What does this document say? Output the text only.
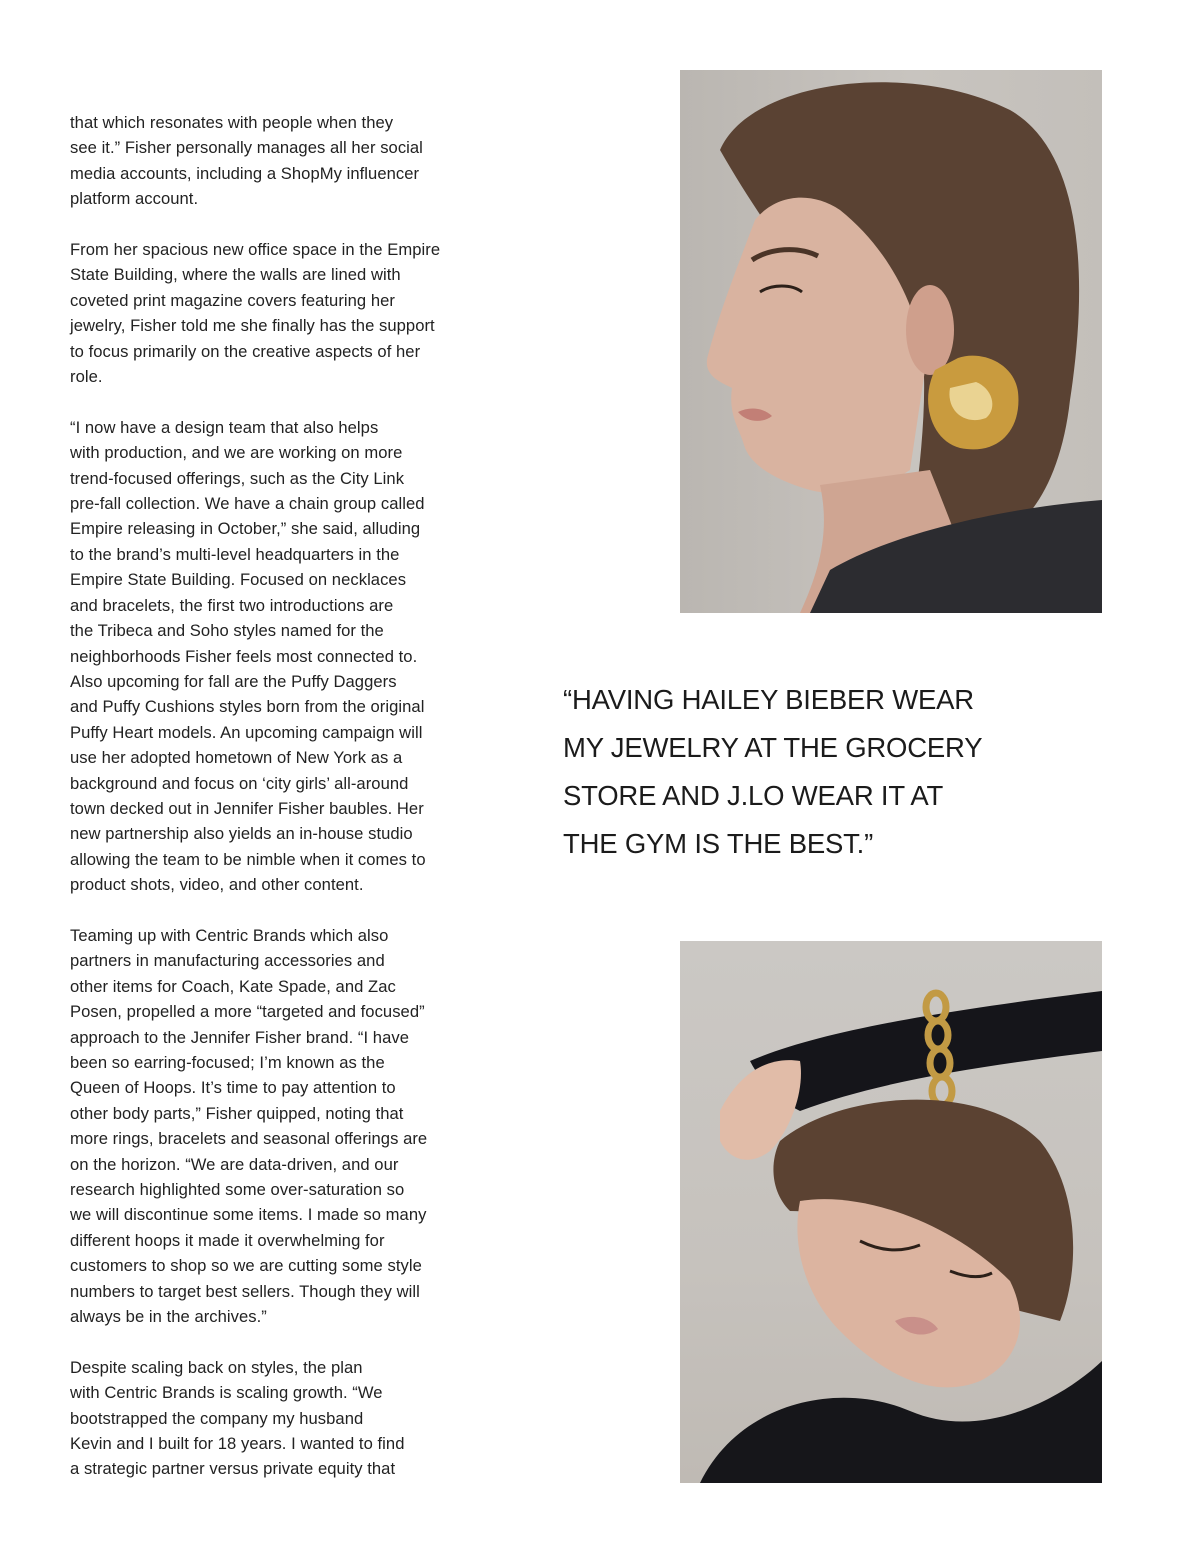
that which resonates with people when they
see it.” Fisher personally manages all her social
media accounts, including a ShopMy influencer
platform account.

From her spacious new office space in the Empire
State Building, where the walls are lined with
coveted print magazine covers featuring her
jewelry, Fisher told me she finally has the support
to focus primarily on the creative aspects of her
role.

“I now have a design team that also helps
with production, and we are working on more
trend-focused offerings, such as the City Link
pre-fall collection. We have a chain group called
Empire releasing in October,” she said, alluding
to the brand’s multi-level headquarters in the
Empire State Building. Focused on necklaces
and bracelets, the first two introductions are
the Tribeca and Soho styles named for the
neighborhoods Fisher feels most connected to.
Also upcoming for fall are the Puffy Daggers
and Puffy Cushions styles born from the original
Puffy Heart models. An upcoming campaign will
use her adopted hometown of New York as a
background and focus on ‘city girls’ all-around
town decked out in Jennifer Fisher baubles. Her
new partnership also yields an in-house studio
allowing the team to be nimble when it comes to
product shots, video, and other content.

Teaming up with Centric Brands which also
partners in manufacturing accessories and
other items for Coach, Kate Spade, and Zac
Posen, propelled a more “targeted and focused”
approach to the Jennifer Fisher brand. “I have
been so earring-focused; I’m known as the
Queen of Hoops. It’s time to pay attention to
other body parts,” Fisher quipped, noting that
more rings, bracelets and seasonal offerings are
on the horizon. “We are data-driven, and our
research highlighted some over-saturation so
we will discontinue some items. I made so many
different hoops it made it overwhelming for
customers to shop so we are cutting some style
numbers to target best sellers. Though they will
always be in the archives.”

Despite scaling back on styles, the plan
with Centric Brands is scaling growth. “We
bootstrapped the company my husband
Kevin and I built for 18 years. I wanted to find
a strategic partner versus private equity that

“HAVING HAILEY BIEBER WEAR
MY JEWELRY AT THE GROCERY
STORE AND J.LO WEAR IT AT
THE GYM IS THE BEST.”
